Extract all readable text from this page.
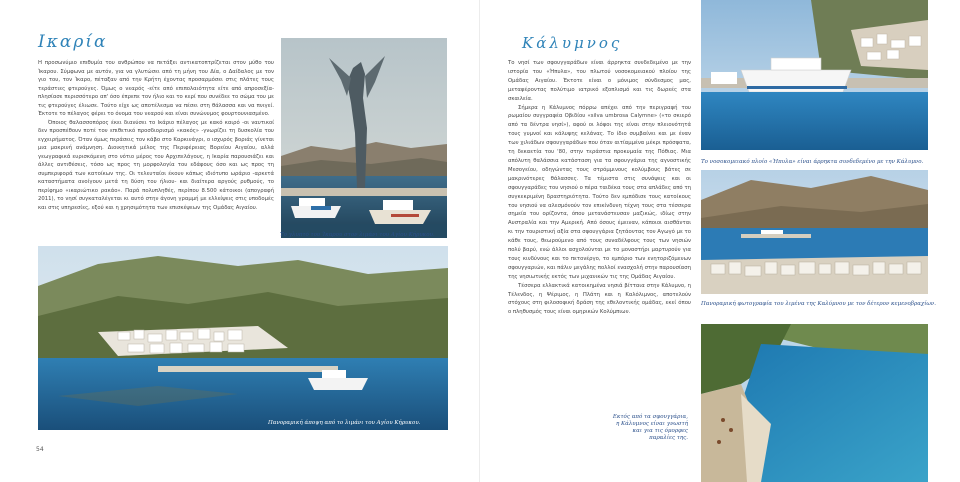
Ικαρία

Η προσωνύμιο επιθυμία του ανθρώπου να πετάξει αντικατοπτρίζεται στον μύθο του Ίκαρου. Σύμφωνα με αυτόν, για να γλυτώσει από τη μήνη του Δία, ο Δαίδαλος με τον γιο του, τον Ίκαρο, πέταξαν από την Κρήτη έχοντας προσαρμόσει στις πλάτες τους τεράστιες φτερούγες. Όμως ο νεαρός -είτε από επιπολαιότητα είτε από απροσεξία- πλησίασε περισσότερο απ' όσο έπρεπε τον ήλιο και το κερί που συνέδεε το σώμα του με τις φτερούγες έλιωσε. Τούτο είχε ως αποτέλεσμα να πέσει στη θάλασσα και να πνιγεί. Έκτοτε το πέλαγος φέρει το όνομα του νεαρού και είναι συνώνυμος φουρτουνιασμένο.

Όποιος θαλασσοπόρος έκει διανύσει το Ικάριο πέλαγος με κακό καιρό -οι ναυτικοί δεν προσπέθουν ποτέ τον επιθετικό προσδιορισμό «κακός» -γνωρίζει τη δυσκολία του εγχειρήματος. Όταν όμως περάσεις τον κάβο στο Καρκινάγρι, ο ισχυρός βοριάς γίνεται μια μακρινή ανάμνηση. Διοικητικά μέλος της Περιφέρειας Βορείου Αιγαίου, αλλά γεωγραφικά ευρισκόμενη στο νότιο μέρος του Αρχιπελάγους, η Ικαρία παρουσιάζει και άλλες αντιθέσεις, τόσο ως προς τη μορφολογία του εδάφους όσο και ως προς τη συμπεριφορά των κατοίκων της. Οι τελευταίοι έκουν κάπως ιδιότυπο ωράριο -αρκετά καταστήματα ανοίγουν μετά τη δύση του ήλιου- και διαίτερα αργούς ρυθμούς, το περίφημο «ικαριώτικο ρακάο». Παρά πολυπληθές, περίπου 8.500 κάτοικοι (απογραφή 2011), το νησί συγκαταλέγεται κι αυτό στην άγονη γραμμή με ελλείψεις στις υποδομές και στις υπηρεσίες, εξού και η χρησιμότητα των επισκέψεων της Ομάδας Αιγαίου.

Το γλυπτό του Ίκαρου στον λιμάνι του Αγίου Κήρυκου.
Πανοραμική άποψη από το λιμάνι του Αγίου Κήρυκου.
54
Κάλυμνος

Το νησί των σφουγγαράδων είναι άρρηκτα συνδεδεμένο με την ιστορία του «Ήπυλα», του πλωτού νοσοκομειακού πλοίου της Ομάδας Αιγαίου. Έκτοτε είναι ο μόνιμος σύνδεσμος μας, μεταφέροντας πολύτιμο ιατρικό εξοπλισμό και τις δωρεές στα σκαιλεία.

Σήμερα η Κάλυμνος πόρρω απέχει από την περιγραφή του ρωμαίου συγγραφέα Οβιδίου «silva umbrosa Calymne» («το σκιερό από τα δέντρα νησί»), αφού οι λόφοι της είναι στην πλειονότητά τους γυμνοί και κάλυψης κελάνας. Το ίδιο συμβαίνει και με έναν των χιλιάδων σφουγγαράδων που όταν αιτίαμμένα μέκρι πρόσφατα, τη δεκαετία του '80, στην τεράστια προκυμαία της Πόθιας. Μια απόλυτη θαλάσσια κατάσταση για τα σφουγγάρια της αγνοστικής Μεσογείου, οδηγώντας τους στρόμμινους κολύμβους βάτες σε μακρινότερες θάλασσες. Τα τέμιστα στις συνάψεις και οι σφουγγαράδες του νησιού ο πέρα ταιδέκα τους στα απλάδες από τη συγκεκριμένη δραστηριότητα. Τούτο δεν εμπόδισε τους κατοίκους του νησιού να αλεσμόνούν τον επικίνδυνη τέχνη τους στα τέσσερα σημεία του ορίζοντα, όπου μετανάστευσαν μαζικώς, ιδίως στην Αυστραλία και την Αμερική. Από όσους έμειναν, κάποιοι αισθάνται κι την τουριστική αξία στα σφουγγάρια ζητάοντας τον Αγωγό με το κάθε τους, θεωρούμενο από τους συναδέλφους τους των νησιών πολύ βαρύ, ενώ άλλοι ασχολούνται με το μοναστήρι μαρτυρούν για τους κινδύνους και το πετονέργο, το εμπόριο των ενητοριζόμενων σφουγγαριών, και πάλιν μεγάλης πολλοί ενασχολή στην παρουσίαση της νησιωτικής εκτός των μιχανικών τις της Ομάδας Αιγαίου.

Τέσσερα ελλακτικά κατοικημένα νησιά βίτταια στην Κάλυμνο, η Τέλενδος, η Ψέριμος, η Πλάτη και η Καλόλιμνος, αποτελούν στόχους στη φιλοσοφική δράση της εθελοντικής ομάδας, εκεί όπου ο πληθυσμός τους είναι ομηρικών Κολύμπιων.

Το νοσοκομειακό πλοίο «Ήπυλα» είναι άρρηκτα συνδεδεμένο με την Κάλυμνο.
Πανοραμική φωτογραφία του λιμένα της Καλύμνου με τον δέτερον κεμενοβραχίων.
Εκτός από τα σφουγγάρια, η Κάλυμνος είναι γνωστή και για τις όμορφες παραλίες της.
